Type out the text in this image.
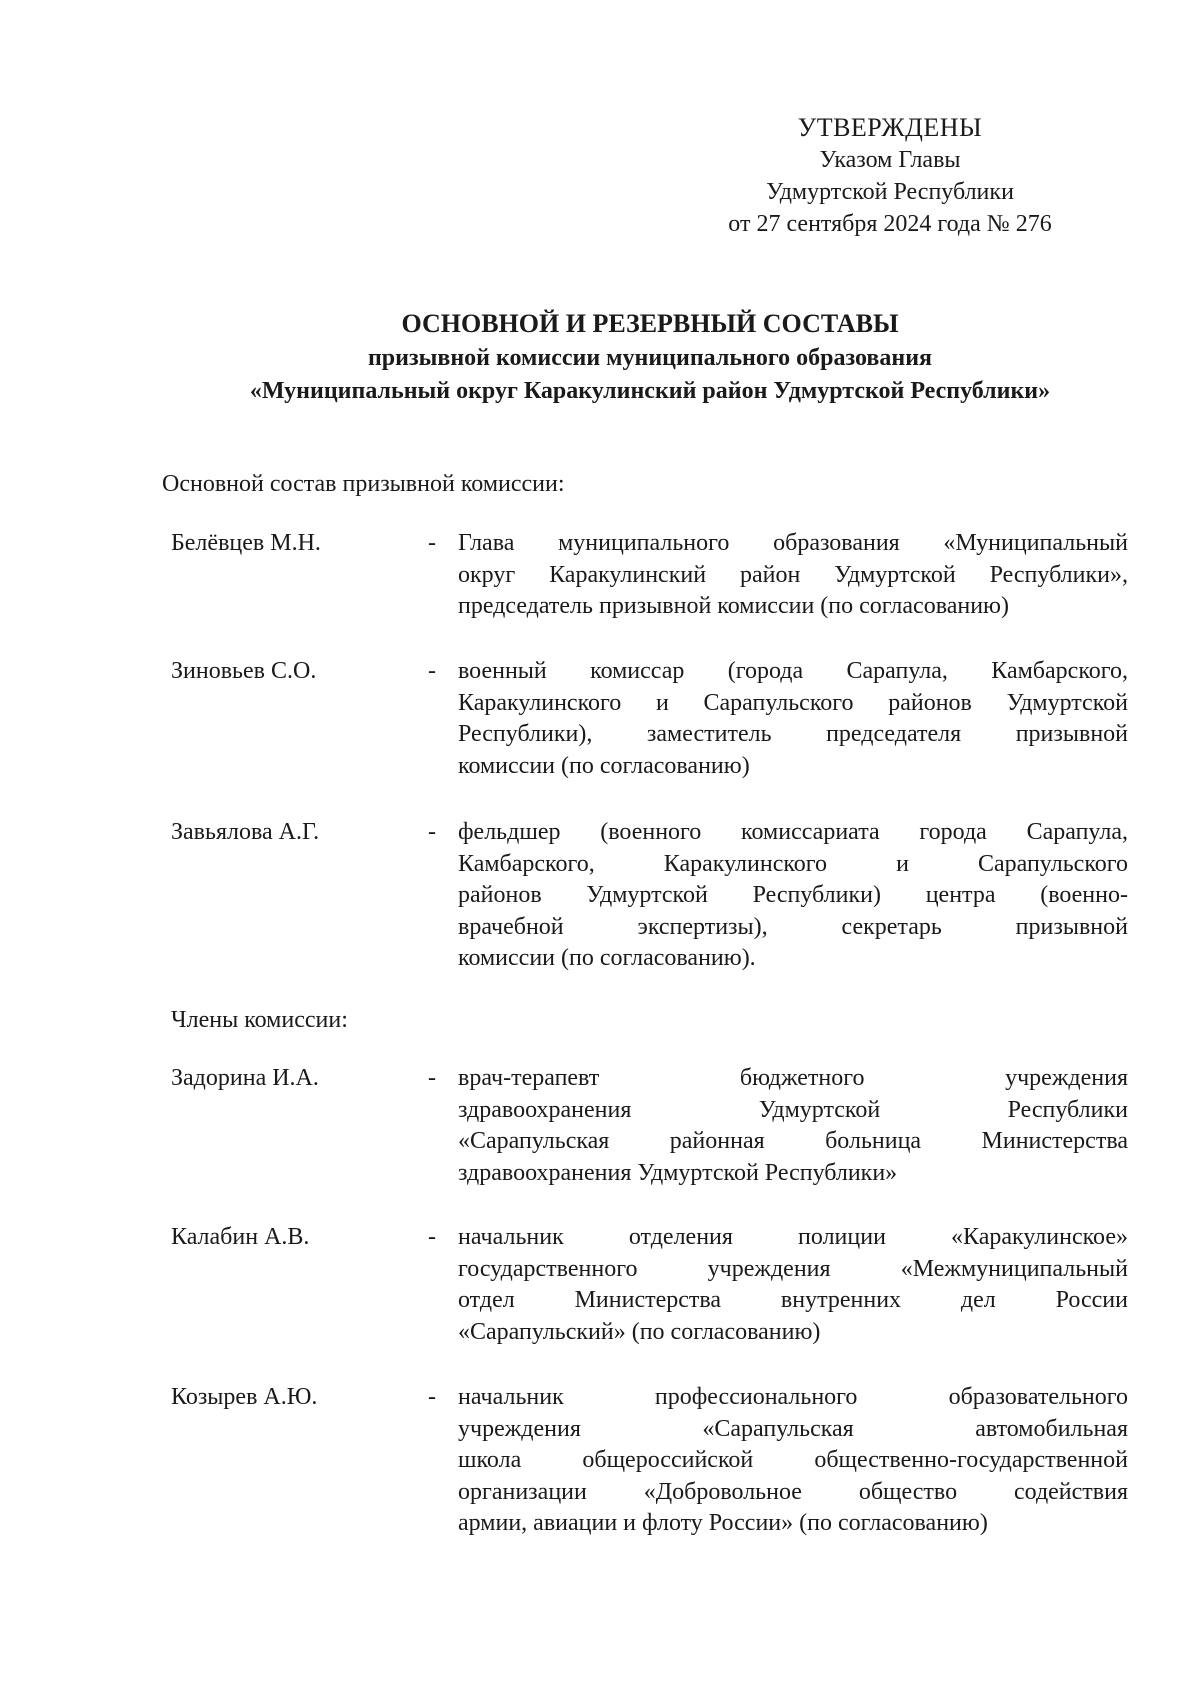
УТВЕРЖДЕНЫ
Указом Главы
Удмуртской Республики
от 27 сентября 2024 года № 276
ОСНОВНОЙ И РЕЗЕРВНЫЙ СОСТАВЫ
призывной комиссии муниципального образования
«Муниципальный округ Каракулинский район Удмуртской Республики»
Основной состав призывной комиссии:
Белёвцев М.Н.	- Глава муниципального образования «Муниципальный
округ Каракулинский район Удмуртской Республики»,
председатель призывной комиссии (по согласованию)
Зиновьев С.О.	- военный комиссар (города Сарапула, Камбарского,
Каракулинского и Сарапульского районов Удмуртской
Республики), заместитель председателя призывной
комиссии (по согласованию)
Завьялова А.Г.	- фельдшер (военного комиссариата города Сарапула,
Камбарского, Каракулинского и Сарапульского
районов Удмуртской Республики) центра (военно-
врачебной экспертизы), секретарь призывной
комиссии (по согласованию).
Члены комиссии:
Задорина И.А.	- врач-терапевт бюджетного учреждения
здравоохранения Удмуртской Республики
«Сарапульская районная больница Министерства
здравоохранения Удмуртской Республики»
Калабин А.В.	- начальник отделения полиции «Каракулинское»
государственного учреждения «Межмуниципальный
отдел Министерства внутренних дел России
«Сарапульский» (по согласованию)
Козырев А.Ю.	- начальник профессионального образовательного
учреждения «Сарапульская автомобильная
школа общероссийской общественно-государственной
организации «Добровольное общество содействия
армии, авиации и флоту России» (по согласованию)
